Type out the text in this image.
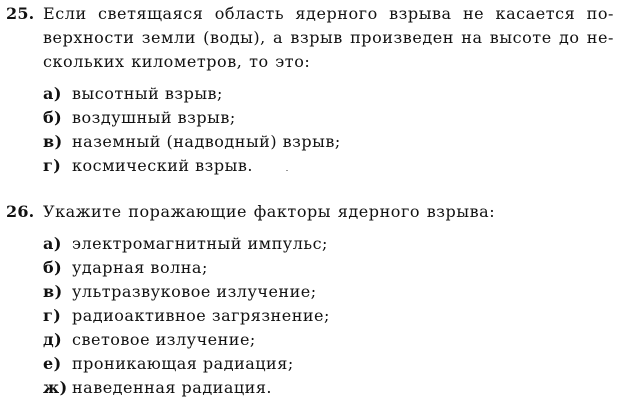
25. Если светящаяся область ядерного взрыва не касается по-
верхности земли (воды), а взрыв произведен на высоте до не-
скольких километров, то это:
а) высотный взрыв;
б) воздушный взрыв;
в) наземный (надводный) взрыв;
г) космический взрыв.
26. Укажите поражающие факторы ядерного взрыва:
а) электромагнитный импульс;
б) ударная волна;
в) ультразвуковое излучение;
г) радиоактивное загрязнение;
д) световое излучение;
е) проникающая радиация;
ж) наведенная радиация.
